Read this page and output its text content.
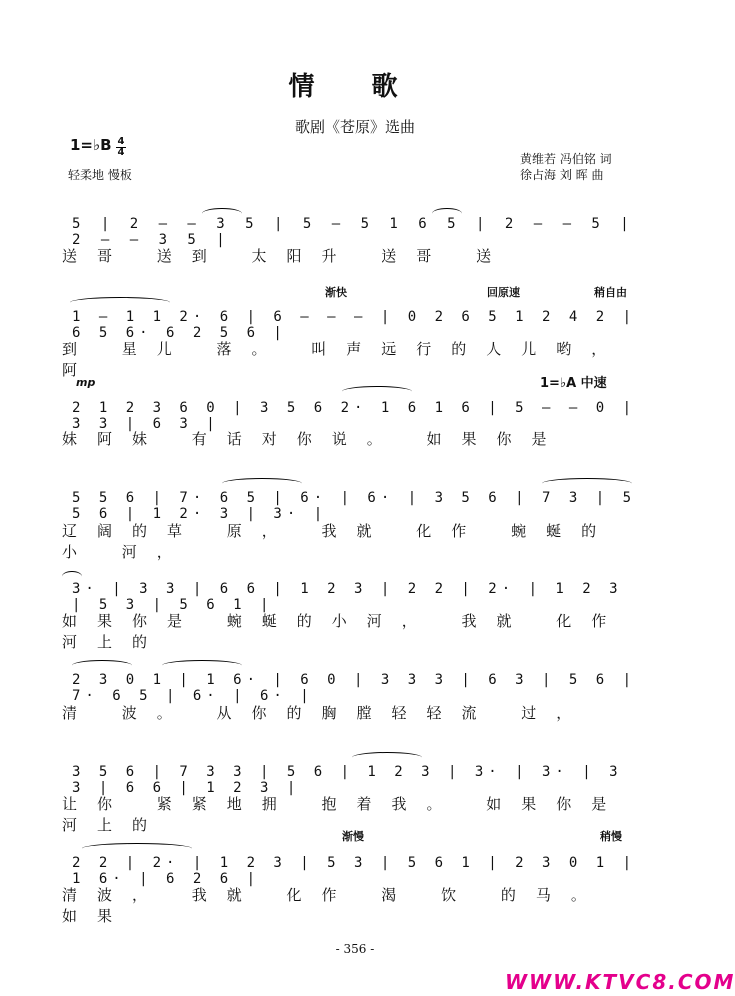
情 歌
歌剧《苍原》选曲
1=♭B 4
4
轻柔地 慢板
黄维若 冯伯铭 词
徐占海 刘 晖 曲
5 | 2 — — 3 5 | 5 — 5 1 6 5 | 2 — — 5 | 2 — — 3 5 |
送哥 送到 太阳升 送哥 送
渐快	回原速	稍自由
1 — 1 1 2· 6 | 6 — — — | 0 2 6 5 1 2 4 2 | 6 5 6· 6 2 5 6 |
到 星儿 落。 叫声远行的人儿哟， 阿
mp	1=♭A 中速
2 1 2 3 6 0 | 3 5 6 2· 1 6 1 6 | 5 — — 0 | 3 3 | 6 3 |
妹阿妹 有话对你说。 如果你是
5 5 6 | 7· 6 5 | 6· | 6· | 3 5 6 | 7 3 | 5 5 6 | 1 2· 3 | 3· |
辽阔的草 原， 我就 化作 蜿蜒的小 河，
3· | 3 3 | 6 6 | 1 2 3 | 2 2 | 2· | 1 2 3 | 5 3 | 5 6 1 |
如果你是 蜿蜒的小河， 我就 化作 河上的
2 3 0 1 | 1 6· | 6 0 | 3 3 3 | 6 3 | 5 6 | 7· 6 5 | 6· | 6· |
清 波。 从你的胸膛轻轻流 过，
3 5 6 | 7 3 3 | 5 6 | 1 2 3 | 3· | 3· | 3 3 | 6 6 | 1 2 3 |
让你 紧紧地拥 抱着我。 如果你是 河上的
渐慢	稍慢
2 2 | 2· | 1 2 3 | 5 3 | 5 6 1 | 2 3 0 1 | 1 6· | 6 2 6 |
清波， 我就 化作 渴 饮 的马。 如果
- 356 -
WWW.KTVC8.COM
